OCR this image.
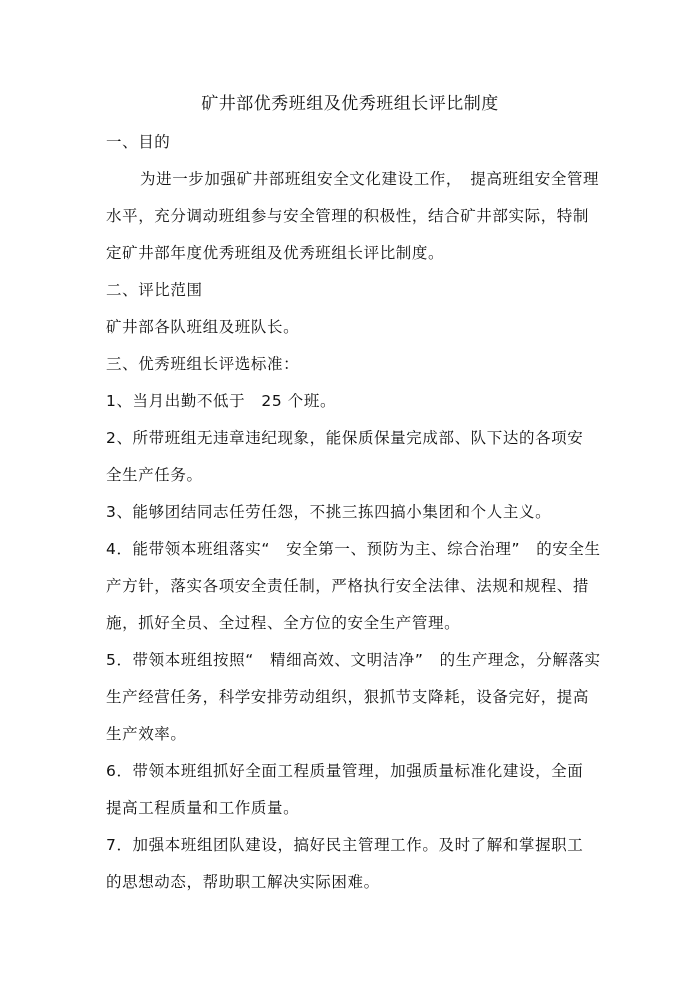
矿井部优秀班组及优秀班组长评比制度
一、目的
为进一步加强矿井部班组安全文化建设工作，　提高班组安全管理
水平，充分调动班组参与安全管理的积极性，结合矿井部实际，特制
定矿井部年度优秀班组及优秀班组长评比制度。
二、评比范围
矿井部各队班组及班队长。
三、优秀班组长评选标准：
1、当月出勤不低于　25 个班。
2、所带班组无违章违纪现象，能保质保量完成部、队下达的各项安
全生产任务。
3、能够团结同志任劳任怨，不挑三拣四搞小集团和个人主义。
4．能带领本班组落实“　安全第一、预防为主、综合治理”　的安全生
产方针，落实各项安全责任制，严格执行安全法律、法规和规程、措
施，抓好全员、全过程、全方位的安全生产管理。
5．带领本班组按照“　精细高效、文明洁净”　的生产理念，分解落实
生产经营任务，科学安排劳动组织，狠抓节支降耗，设备完好，提高
生产效率。
6．带领本班组抓好全面工程质量管理，加强质量标准化建设，全面
提高工程质量和工作质量。
7．加强本班组团队建设，搞好民主管理工作。及时了解和掌握职工
的思想动态，帮助职工解决实际困难。
